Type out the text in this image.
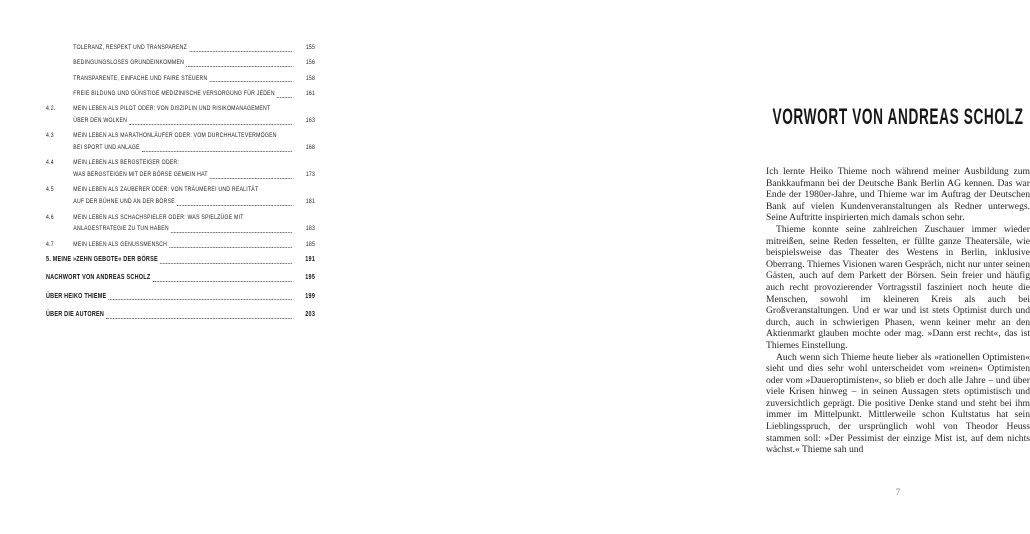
TOLERANZ, RESPEKT UND TRANSPARENZ	155
BEDINGUNGSLOSES GRUNDEINKOMMEN	156
TRANSPARENTE, EINFACHE UND FAIRE STEUERN	158
FREIE BILDUNG UND GÜNSTIGE MEDIZINISCHE VERSORGUNG FÜR JEDEN	161
4.2.	MEIN LEBEN ALS PILOT ODER: VON DISZIPLIN UND RISIKOMANAGEMENT
ÜBER DEN WOLKEN	163
4.3	MEIN LEBEN ALS MARATHONLÄUFER ODER: VOM DURCHHALTEVERMÖGEN
BEI SPORT UND ANLAGE	168
4.4	MEIN LEBEN ALS BERGSTEIGER ODER:
WAS BERGSTEIGEN MIT DER BÖRSE GEMEIN HAT	173
4.5	MEIN LEBEN ALS ZAUBERER ODER: VON TRÄUMEREI UND REALITÄT
AUF DER BÜHNE UND AN DER BÖRSE	181
4.6	MEIN LEBEN ALS SCHACHSPIELER ODER: WAS SPIELZÜGE MIT
ANLAGESTRATEGIE ZU TUN HABEN	183
4.7	MEIN LEBEN ALS GENUSSMENSCH	185
5. MEINE »ZEHN GEBOTE« DER BÖRSE	191
NACHWORT VON ANDREAS SCHOLZ	195
ÜBER HEIKO THIEME	199
ÜBER DIE AUTOREN	203
VORWORT VON ANDREAS SCHOLZ

Ich lernte Heiko Thieme noch während meiner Ausbildung zum Bankkaufmann bei der Deutsche Bank Berlin AG kennen. Das war Ende der 1980er-Jahre, und Thieme war im Auftrag der Deutschen Bank auf vielen Kundenveranstaltungen als Redner unterwegs. Seine Auftritte inspirierten mich damals schon sehr.

Thieme konnte seine zahlreichen Zuschauer immer wieder mitreißen, seine Reden fesselten, er füllte ganze Theatersäle, wie beispielsweise das Theater des Westens in Berlin, inklusive Oberrang. Thiemes Visionen waren Gespräch, nicht nur unter seinen Gästen, auch auf dem Parkett der Börsen. Sein freier und häufig auch recht provozierender Vortragsstil fasziniert noch heute die Menschen, sowohl im kleineren Kreis als auch bei Großveranstaltungen. Und er war und ist stets Optimist durch und durch, auch in schwierigen Phasen, wenn keiner mehr an den Aktienmarkt glauben mochte oder mag. »Dann erst recht«, das ist Thiemes Einstellung.

Auch wenn sich Thieme heute lieber als »rationellen Optimisten« sieht und dies sehr wohl unterscheidet vom »reinen« Optimisten oder vom »Daueroptimisten«, so blieb er doch alle Jahre – und über viele Krisen hinweg – in seinen Aussagen stets optimistisch und zuversichtlich geprägt. Die positive Denke stand und steht bei ihm immer im Mittelpunkt. Mittlerweile schon Kultstatus hat sein Lieblingsspruch, der ursprünglich wohl von Theodor Heuss stammen soll: »Der Pessimist der einzige Mist ist, auf dem nichts wächst.« Thieme sah und

7
